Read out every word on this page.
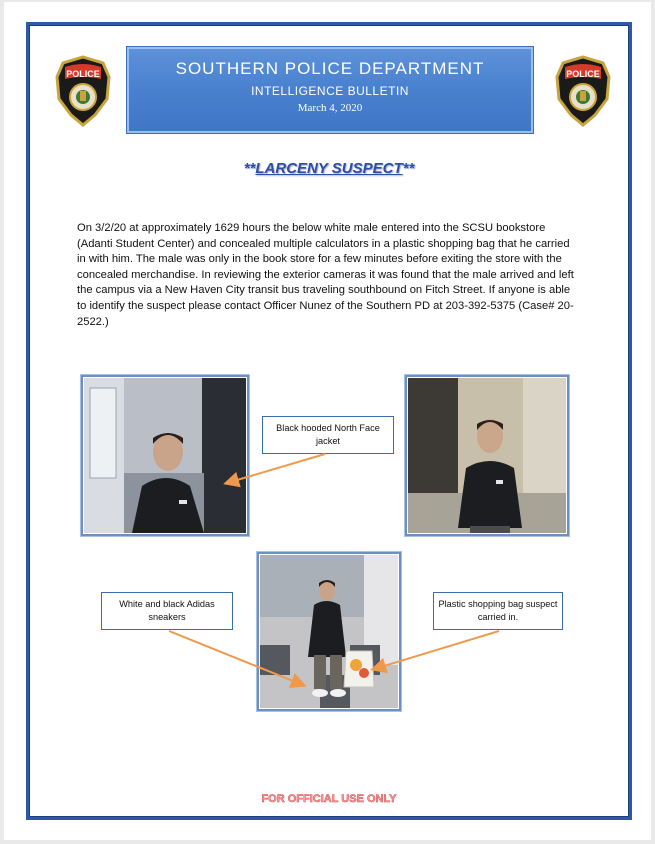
POLICE	SOUTHERN POLICE DEPARTMENT
INTELLIGENCE BULLETIN
March 4, 2020
POLICE
**LARCENY SUSPECT**
On 3/2/20 at approximately 1629 hours the below white male entered into the SCSU bookstore (Adanti Student Center) and concealed multiple calculators in a plastic shopping bag that he carried in with him. The male was only in the book store for a few minutes before exiting the store with the concealed merchandise. In reviewing the exterior cameras it was found that the male arrived and left the campus via a New Haven City transit bus traveling southbound on Fitch Street. If anyone is able to identify the suspect please contact Officer Nunez of the Southern PD at 203-392-5375 (Case# 20-2522.)
Black hooded North Face jacket
White and black Adidas sneakers
Plastic shopping bag suspect carried in.
FOR OFFICIAL USE ONLY
